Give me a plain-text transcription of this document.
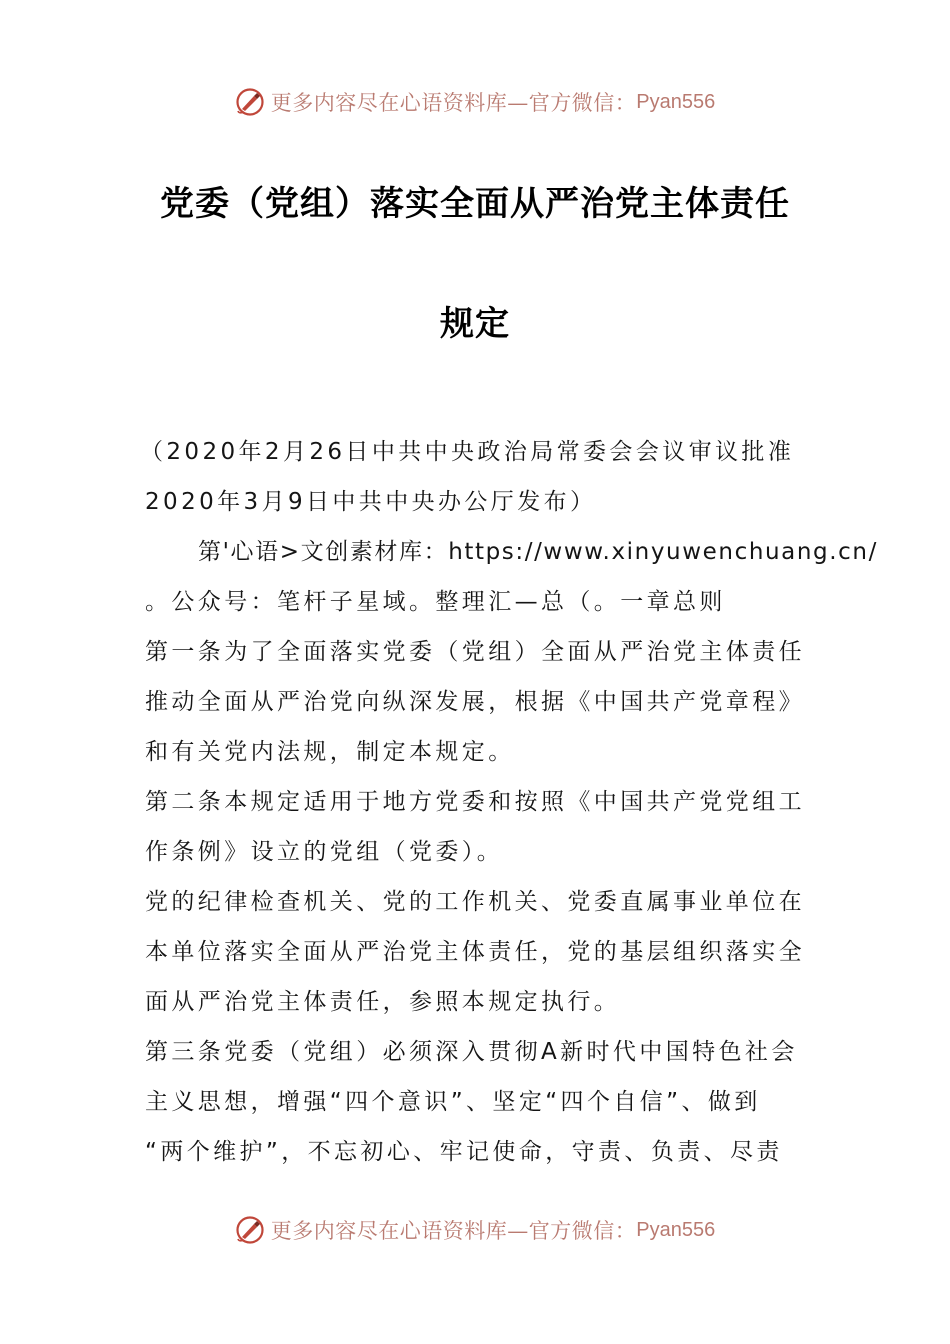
更多内容尽在心语资料库—官方微信： Pyan556
党委（党组）落实全面从严治党主体责任
规定
（2020年2月26日中共中央政治局常委会会议审议批准
2020年3月9日中共中央办公厅发布）
第'心语>文创素材库：https://www.xinyuwenchuang.cn/
。公众号：笔杆子星域。整理汇—总（。一章总则
第一条为了全面落实党委（党组）全面从严治党主体责任
推动全面从严治党向纵深发展，根据《中国共产党章程》
和有关党内法规，制定本规定。
第二条本规定适用于地方党委和按照《中国共产党党组工
作条例》设立的党组（党委）。
党的纪律检查机关、党的工作机关、党委直属事业单位在
本单位落实全面从严治党主体责任，党的基层组织落实全
面从严治党主体责任，参照本规定执行。
第三条党委（党组）必须深入贯彻A新时代中国特色社会
主义思想，增强“四个意识”、坚定“四个自信”、做到
“两个维护”，不忘初心、牢记使命，守责、负责、尽责
更多内容尽在心语资料库—官方微信： Pyan556
